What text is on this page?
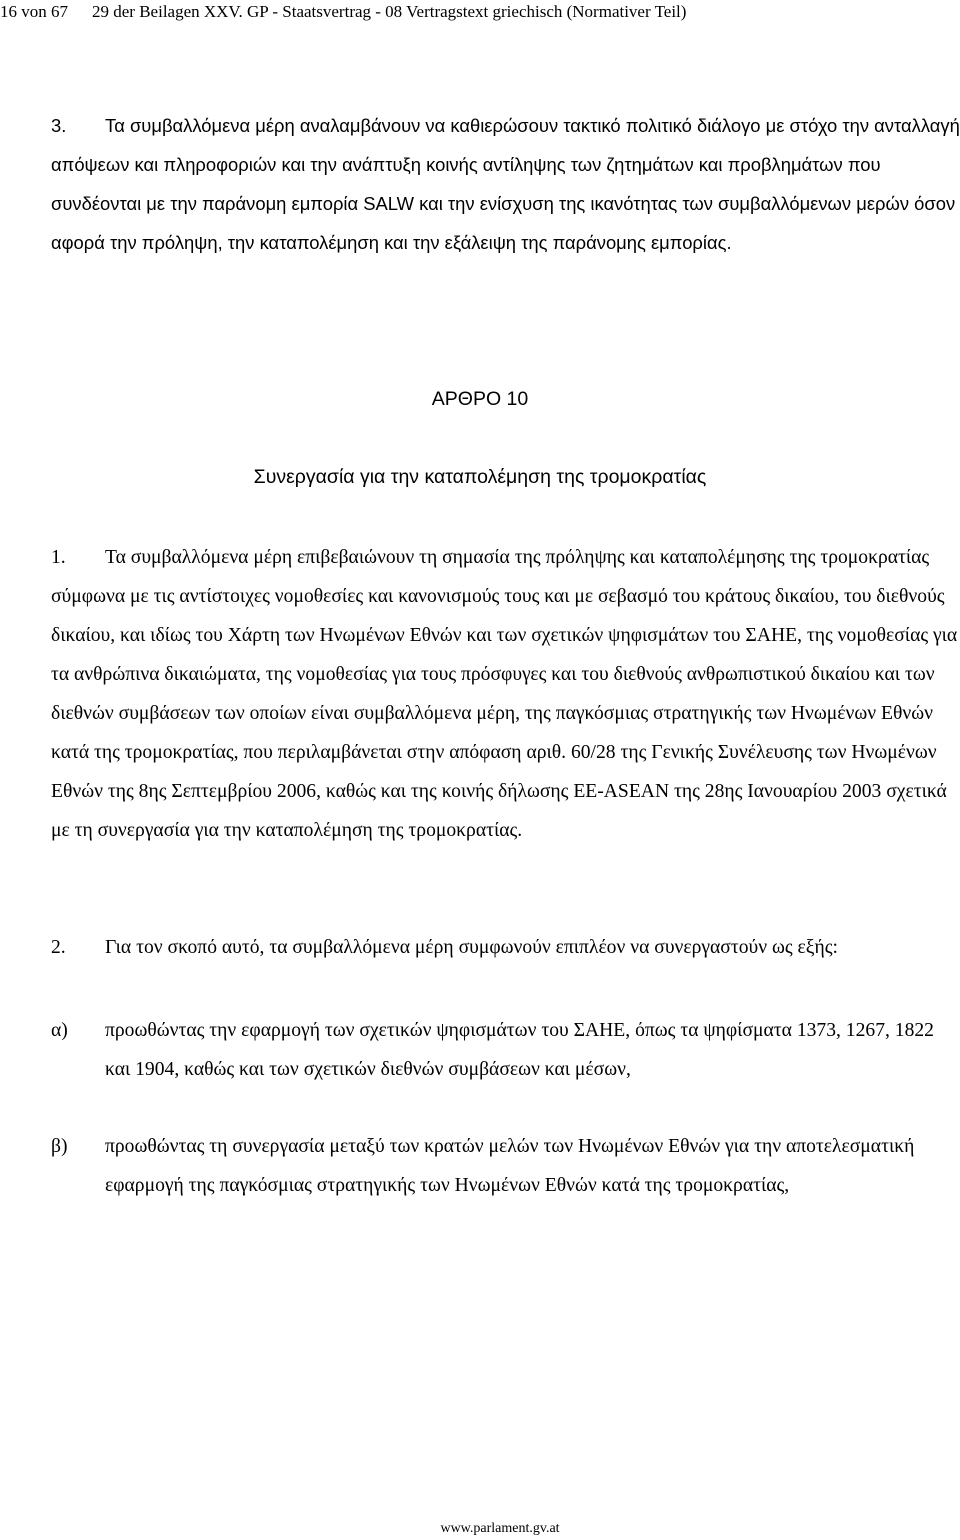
16 von 67 29 der Beilagen XXV. GP - Staatsvertrag - 08 Vertragstext griechisch (Normativer Teil)

3. Τα συμβαλλόμενα μέρη αναλαμβάνουν να καθιερώσουν τακτικό πολιτικό διάλογο με στόχο την ανταλλαγή απόψεων και πληροφοριών και την ανάπτυξη κοινής αντίληψης των ζητημάτων και προβλημάτων που συνδέονται με την παράνομη εμπορία SALW και την ενίσχυση της ικανότητας των συμβαλλόμενων μερών όσον αφορά την πρόληψη, την καταπολέμηση και την εξάλειψη της παράνομης εμπορίας.

ΑΡΘΡΟ 10
Συνεργασία για την καταπολέμηση της τρομοκρατίας

1. Τα συμβαλλόμενα μέρη επιβεβαιώνουν τη σημασία της πρόληψης και καταπολέμησης της τρομοκρατίας σύμφωνα με τις αντίστοιχες νομοθεσίες και κανονισμούς τους και με σεβασμό του κράτους δικαίου, του διεθνούς δικαίου, και ιδίως του Χάρτη των Ηνωμένων Εθνών και των σχετικών ψηφισμάτων του ΣΑΗΕ, της νομοθεσίας για τα ανθρώπινα δικαιώματα, της νομοθεσίας για τους πρόσφυγες και του διεθνούς ανθρωπιστικού δικαίου και των διεθνών συμβάσεων των οποίων είναι συμβαλλόμενα μέρη, της παγκόσμιας στρατηγικής των Ηνωμένων Εθνών κατά της τρομοκρατίας, που περιλαμβάνεται στην απόφαση αριθ. 60/28 της Γενικής Συνέλευσης των Ηνωμένων Εθνών της 8ης Σεπτεμβρίου 2006, καθώς και της κοινής δήλωσης ΕΕ-ASEAN της 28ης Ιανουαρίου 2003 σχετικά με τη συνεργασία για την καταπολέμηση της τρομοκρατίας.

2. Για τον σκοπό αυτό, τα συμβαλλόμενα μέρη συμφωνούν επιπλέον να συνεργαστούν ως εξής:

α) προωθώντας την εφαρμογή των σχετικών ψηφισμάτων του ΣΑΗΕ, όπως τα ψηφίσματα 1373, 1267, 1822 και 1904, καθώς και των σχετικών διεθνών συμβάσεων και μέσων,
β) προωθώντας τη συνεργασία μεταξύ των κρατών μελών των Ηνωμένων Εθνών για την αποτελεσματική εφαρμογή της παγκόσμιας στρατηγικής των Ηνωμένων Εθνών κατά της τρομοκρατίας,
www.parlament.gv.at
